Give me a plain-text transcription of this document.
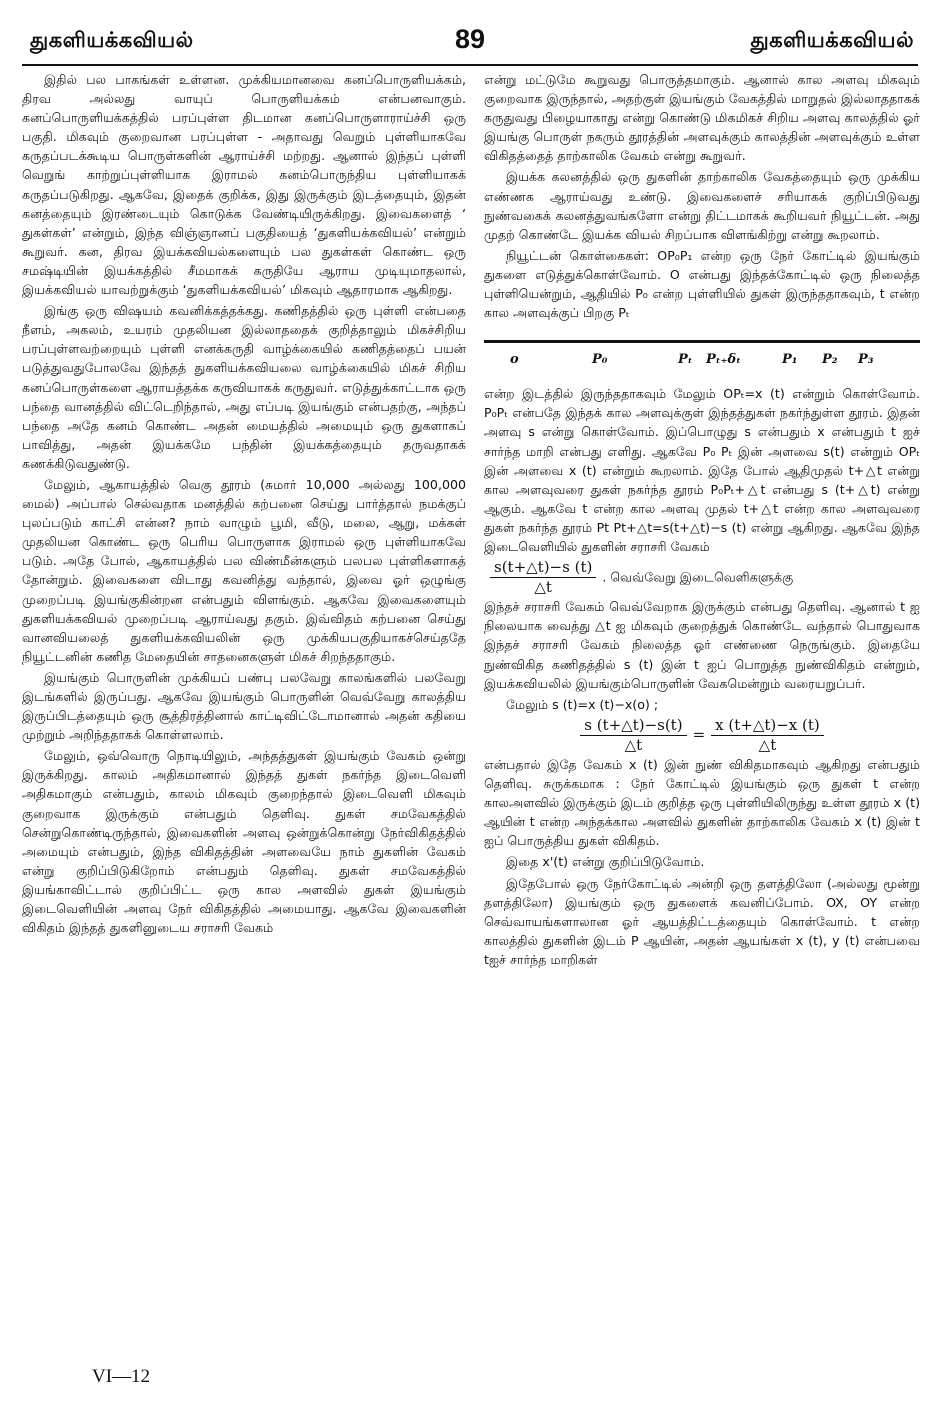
துகளியக்கவியல்	89	துகளியக்கவியல்

இதில் பல பாகங்கள் உள்ளன. முக்கியமானவை கனப்பொருளியக்கம், திரவ அல்லது வாயுப் பொருளியக்கம் என்பனவாகும். கனப்பொருளியக்கத்தில் பரப்புள்ள திடமான கனப்பொருளாராய்ச்சி ஒரு பகுதி. மிகவும் குறைவான பரப்புள்ள - அதாவது வெறும் புள்ளியாகவே கருதப்படக்கூடிய பொருள்களின் ஆராய்ச்சி மற்றது. ஆனால் இந்தப் புள்ளி வெறுங் காற்றுப்புள்ளியாக இராமல் கனம்பொருந்திய புள்ளியாகக் கருதப்படுகிறது. ஆகவே, இதைக் குறிக்க, இது இருக்கும் இடத்தையும், இதன் கனத்தையும் இரண்டையும் கொடுக்க வேண்டியிருக்கிறது. இவைகளைத் ‘ துகள்கள்’ என்றும், இந்த விஞ்ஞானப் பகுதியைத் ‘துகளியக்கவியல்’ என்றும் கூறுவர். கன, திரவ இயக்கவியல்களையும் பல துகள்கள் கொண்ட ஒரு சமஷ்டியின் இயக்கத்தில் சீமமாகக் கருதியே ஆராய முடியுமாதலால், இயக்கவியல் யாவற்றுக்கும் ‘துகளியக்கவியல்’ மிகவும் ஆதாரமாக ஆகிறது.

இங்கு ஒரு விஷயம் கவனிக்கத்தக்கது. கணிதத்தில் ஒரு புள்ளி என்பதை நீளம், அகலம், உயரம் முதலியன இல்லாததைக் குறித்தாலும் மிகச்சிறிய பரப்புள்ளவற்றையும் புள்ளி எனக்கருதி வாழ்க்கையில் கணிதத்தைப் பயன் படுத்துவதுபோலவே இந்தத் துகளியக்கவியலை வாழ்க்கையில் மிகச் சிறிய கனப்பொருள்களை ஆராயத்தக்க கருவியாகக் கருதுவர். எடுத்துக்காட்டாக ஒரு பந்தை வானத்தில் விட்டெறிந்தால், அது எப்படி இயங்கும் என்பதற்கு, அந்தப் பந்தை அதே கனம் கொண்ட அதன் மையத்தில் அமையும் ஒரு துகளாகப் பாவித்து, அதன் இயக்கமே பந்தின் இயக்கத்தையும் தருவதாகக் கணக்கிடுவதுண்டு.

மேலும், ஆகாயத்தில் வெகு தூரம் (சுமார் 10,000 அல்லது 100,000 மைல்) அப்பால் செல்வதாக மனத்தில் கற்பனை செய்து பார்த்தால் நமக்குப் புலப்படும் காட்சி என்ன? நாம் வாழும் பூமி, வீடு, மலை, ஆறு, மக்கள் முதலியன கொண்ட ஒரு பெரிய பொருளாக இராமல் ஒரு புள்ளியாகவே படும். அதே போல், ஆகாயத்தில் பல விண்மீன்களும் பலபல புள்ளிகளாகத் தோன்றும். இவைகளை விடாது கவனித்து வந்தால், இவை ஓர் ஒழுங்கு முறைப்படி இயங்குகின்றன என்பதும் விளங்கும். ஆகவே இவைகளையும் துகளியக்கவியல் முறைப்படி ஆராய்வது தகும். இவ்விதம் கற்பனை செய்து வானவியலைத் துகளியக்கவியலின் ஒரு முக்கியபகுதியாகச்செய்ததே நியூட்டனின் கணித மேதையின் சாதனைகளுள் மிகச் சிறந்ததாகும்.

இயங்கும் பொருளின் முக்கியப் பண்பு பலவேறு காலங்களில் பலவேறு இடங்களில் இருப்பது. ஆகவே இயங்கும் பொருளின் வெவ்வேறு காலத்திய இருப்பிடத்தையும் ஒரு சூத்திரத்தினால் காட்டிவிட்டோமானால் அதன் கதியை முற்றும் அறிந்ததாகக் கொள்ளலாம்.

மேலும், ஒவ்வொரு நொடியிலும், அந்தத்துகள் இயங்கும் வேகம் ஒன்று இருக்கிறது. காலம் அதிகமானால் இந்தத் துகள் நகர்ந்த இடைவெளி அதிகமாகும் என்பதும், காலம் மிகவும் குறைந்தால் இடைவெளி மிகவும் குறைவாக இருக்கும் என்பதும் தெளிவு. துகள் சமவேகத்தில் சென்றுகொண்டிருந்தால், இவைகளின் அளவு ஒன்றுக்கொன்று நேர்விகிதத்தில் அமையும் என்பதும், இந்த விகிதத்தின் அளவையே நாம் துகளின் வேகம் என்று குறிப்பிடுகிறோம் என்பதும் தெளிவு. துகள் சமவேகத்தில் இயங்காவிட்டால் குறிப்பிட்ட ஒரு கால அளவில் துகள் இயங்கும் இடைவெளியின் அளவு நேர் விகிதத்தில் அமையாது. ஆகவே இவைகளின் விகிதம் இந்தத் துகளினுடைய சராசரி வேகம்

என்று மட்டுமே கூறுவது பொருத்தமாகும். ஆனால் கால அளவு மிகவும் குறைவாக இருந்தால், அதற்குள் இயங்கும் வேகத்தில் மாறுதல் இல்லாததாகக் கருதுவது பிழையாகாது என்று கொண்டு மிகமிகச் சிறிய அளவு காலத்தில் ஓர் இயங்கு பொருள் நகரும் தூரத்தின் அளவுக்கும் காலத்தின் அளவுக்கும் உள்ள விகிதத்தைத் தாற்காலிக வேகம் என்று கூறுவர்.

இயக்க கலனத்தில் ஒரு துகளின் தாற்காலிக வேகத்தையும் ஒரு முக்கிய எண்ணக ஆராய்வது உண்டு. இவைகளைச் சரியாகக் குறிப்பிடுவது நுண்வகைக் கலனத்துவங்களோ என்று திட்டமாகக் கூறியவர் நியூட்டன். அது முதற் கொண்டே இயக்க வியல் சிறப்பாக விளங்கிற்று என்று கூறலாம்.

நியூட்டன் கொள்கைகள்: OP₀P₁ என்ற ஒரு நேர் கோட்டில் இயங்கும் துகளை எடுத்துக்கொள்வோம். O என்பது இந்தக்கோட்டில் ஒரு நிலைத்த புள்ளியென்றும், ஆதியில் P₀ என்ற புள்ளியில் துகள் இருந்ததாகவும், t என்ற கால அளவுக்குப் பிறகு Pₜ

o	P₀	Pₜ Pₜ₊δₜ	P₁ P₂ P₃

என்ற இடத்தில் இருந்ததாகவும் மேலும் OPₜ=x (t) என்றும் கொள்வோம். P₀Pₜ என்பதே இந்தக் கால அளவுக்குள் இந்தத்துகள் நகர்ந்துள்ள தூரம். இதன் அளவு s என்று கொள்வோம். இப்பொழுது s என்பதும் x என்பதும் t ஐச் சார்ந்த மாறி என்பது எளிது. ஆகவே P₀ Pₜ இன் அளவை s(t) என்றும் OPₜ இன் அளவை x (t) என்றும் கூறலாம். இதே போல் ஆதிமுதல் t+△t என்று கால அளவுவரை துகள் நகர்ந்த தூரம் P₀Pₜ+△t என்பது s (t+△t) என்று ஆகும். ஆகவே t என்ற கால அளவு முதல் t+△t என்ற கால அளவுவரை துகள் நகர்ந்த தூரம் Pt Pt+△t=s(t+△t)−s (t) என்று ஆகிறது. ஆகவே இந்த இடைவெளியில் துகளின் சராசரி வேகம்

$\frac{s(t+\triangle t)-s (t)}{\triangle t}$ . வெவ்வேறு இடைவெளிகளுக்கு

இந்தச் சராசரி வேகம் வெவ்வேறாக இருக்கும் என்பது தெளிவு. ஆனால் t ஐ நிலையாக வைத்து △t ஐ மிகவும் குறைத்துக் கொண்டே வந்தால் பொதுவாக இந்தச் சராசரி வேகம் நிலைத்த ஓர் எண்ணை நெருங்கும். இதையே நுண்விகித கணிதத்தில் s (t) இன் t ஐப் பொறுத்த நுண்விகிதம் என்றும், இயக்கவியலில் இயங்கும்பொருளின் வேகமென்றும் வரையறுப்பர்.

மேலும் s (t)=x (t)−x(o) ;

$\frac{s (t+\triangle t)-s(t)}{\triangle t} = \frac{x (t+\triangle t)-x (t)}{\triangle t}$

என்பதால் இதே வேகம் x (t) இன் நுண் விகிதமாகவும் ஆகிறது என்பதும் தெளிவு. சுருக்கமாக : நேர் கோட்டில் இயங்கும் ஒரு துகள் t என்ற காலஅளவில் இருக்கும் இடம் குறித்த ஒரு புள்ளியிலிருந்து உள்ள தூரம் x (t) ஆயின் t என்ற அந்தக்கால அளவில் துகளின் தாற்காலிக வேகம் x (t) இன் t ஐப் பொருத்திய துகள் விகிதம்.

இதை x'(t) என்று குறிப்பிடுவோம்.

இதேபோல் ஒரு நேர்கோட்டில் அன்றி ஒரு தளத்திலோ (அல்லது மூன்று தளத்திலோ) இயங்கும் ஒரு துகளைக் கவனிப்போம். OX, OY என்ற செவ்வாயங்களாலான ஓர் ஆயத்திட்டத்தையும் கொள்வோம். t என்ற காலத்தில் துகளின் இடம் P ஆயின், அதன் ஆயங்கள் x (t), y (t) என்பவை tஐச் சார்ந்த மாறிகள்

VI—12
